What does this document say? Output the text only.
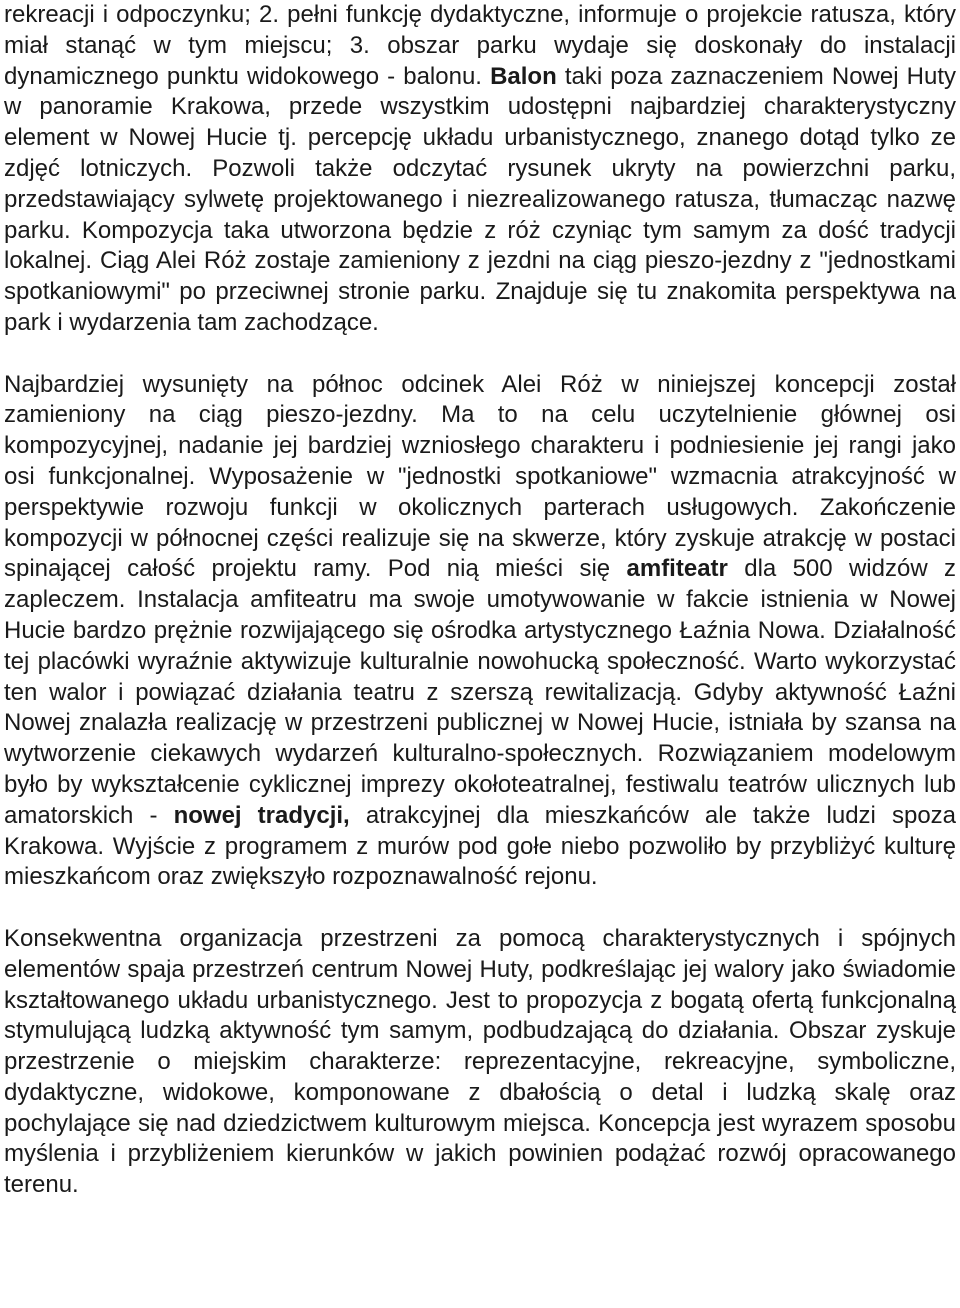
rekreacji i odpoczynku; 2. pełni funkcję dydaktyczne, informuje o projekcie ratusza, który miał stanąć w tym miejscu; 3. obszar parku wydaje się doskonały do instalacji dynamicznego punktu widokowego - balonu. Balon taki poza zaznaczeniem Nowej Huty w panoramie Krakowa, przede wszystkim udostępni najbardziej charakterystyczny element w Nowej Hucie tj. percepcję układu urbanistycznego, znanego dotąd tylko ze zdjęć lotniczych. Pozwoli także odczytać rysunek ukryty na powierzchni parku, przedstawiający sylwetę projektowanego i niezrealizowanego ratusza, tłumacząc nazwę parku. Kompozycja taka utworzona będzie z róż czyniąc tym samym za dość tradycji lokalnej. Ciąg Alei Róż zostaje zamieniony z jezdni na ciąg pieszo-jezdny z "jednostkami spotkaniowymi" po przeciwnej stronie parku. Znajduje się tu znakomita perspektywa na park i wydarzenia tam zachodzące.

Najbardziej wysunięty na północ odcinek Alei Róż w niniejszej koncepcji został zamieniony na ciąg pieszo-jezdny. Ma to na celu uczytelnienie głównej osi kompozycyjnej, nadanie jej bardziej wzniosłego charakteru i podniesienie jej rangi jako osi funkcjonalnej. Wyposażenie w "jednostki spotkaniowe" wzmacnia atrakcyjność w perspektywie rozwoju funkcji w okolicznych parterach usługowych. Zakończenie kompozycji w północnej części realizuje się na skwerze, który zyskuje atrakcję w postaci spinającej całość projektu ramy. Pod nią mieści się amfiteatr dla 500 widzów z zapleczem. Instalacja amfiteatru ma swoje umotywowanie w fakcie istnienia w Nowej Hucie bardzo prężnie rozwijającego się ośrodka artystycznego Łaźnia Nowa. Działalność tej placówki wyraźnie aktywizuje kulturalnie nowohucką społeczność. Warto wykorzystać ten walor i powiązać działania teatru z szerszą rewitalizacją. Gdyby aktywność Łaźni Nowej znalazła realizację w przestrzeni publicznej w Nowej Hucie, istniała by szansa na wytworzenie ciekawych wydarzeń kulturalno-społecznych. Rozwiązaniem modelowym było by wykształcenie cyklicznej imprezy okołoteatralnej, festiwalu teatrów ulicznych lub amatorskich - nowej tradycji, atrakcyjnej dla mieszkańców ale także ludzi spoza Krakowa. Wyjście z programem z murów pod gołe niebo pozwoliło by przybliżyć kulturę mieszkańcom oraz zwiększyło rozpoznawalność rejonu.

Konsekwentna organizacja przestrzeni za pomocą charakterystycznych i spójnych elementów spaja przestrzeń centrum Nowej Huty, podkreślając jej walory jako świadomie kształtowanego układu urbanistycznego. Jest to propozycja z bogatą ofertą funkcjonalną stymulującą ludzką aktywność tym samym, podbudzającą do działania. Obszar zyskuje przestrzenie o miejskim charakterze: reprezentacyjne, rekreacyjne, symboliczne, dydaktyczne, widokowe, komponowane z dbałością o detal i ludzką skalę oraz pochylające się nad dziedzictwem kulturowym miejsca. Koncepcja jest wyrazem sposobu myślenia i przybliżeniem kierunków w jakich powinien podążać rozwój opracowanego terenu.
